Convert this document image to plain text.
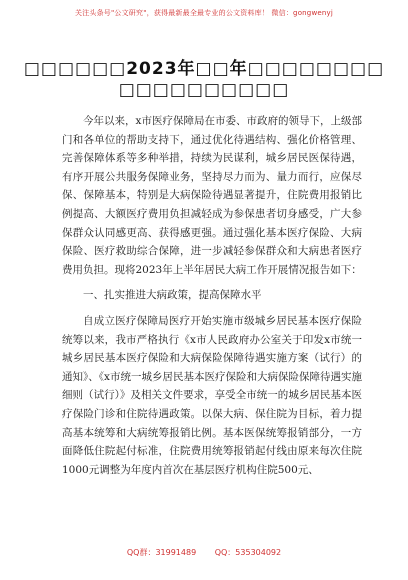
关注头条号"公文研究"，获得最新最全最专业的公文资料库！ 微信：gongwenyj
□□□□□□2023年□□年□□□□□□□□
□□□□□□□□□□

今年以来，x市医疗保障局在市委、市政府的领导下，上级部门和各单位的帮助支持下，通过优化待遇结构、强化价格管理、完善保障体系等多种举措，持续为民谋利，城乡居民医保待遇，有序开展公共服务保障业务，坚持尽力而为、量力而行，应保尽保、保障基本，特别是大病保险待遇显著提升，住院费用报销比例提高、大额医疗费用负担减轻成为参保患者切身感受，广大参保群众认同感更高、获得感更强。通过强化基本医疗保险、大病保险、医疗救助综合保障，进一步减轻参保群众和大病患者医疗费用负担。现将2023年上半年居民大病工作开展情况报告如下：

一、扎实推进大病政策，提高保障水平

自成立医疗保障局医疗开始实施市级城乡居民基本医疗保险统筹以来，我市严格执行《x市人民政府办公室关于印发x市统一城乡居民基本医疗保险和大病保险保障待遇实施方案（试行）的通知》、《x市统一城乡居民基本医疗保险和大病保险保障待遇实施细则（试行）》及相关文件要求，享受全市统一的城乡居民基本医疗保险门诊和住院待遇政策。以保大病、保住院为目标，着力提高基本统筹和大病统筹报销比例。基本医保统筹报销部分，一方面降低住院起付标准，住院费用统筹报销起付线由原来每次住院1000元调整为年度内首次在基层医疗机构住院500元、

QQ群：31991489 QQ：535304092
